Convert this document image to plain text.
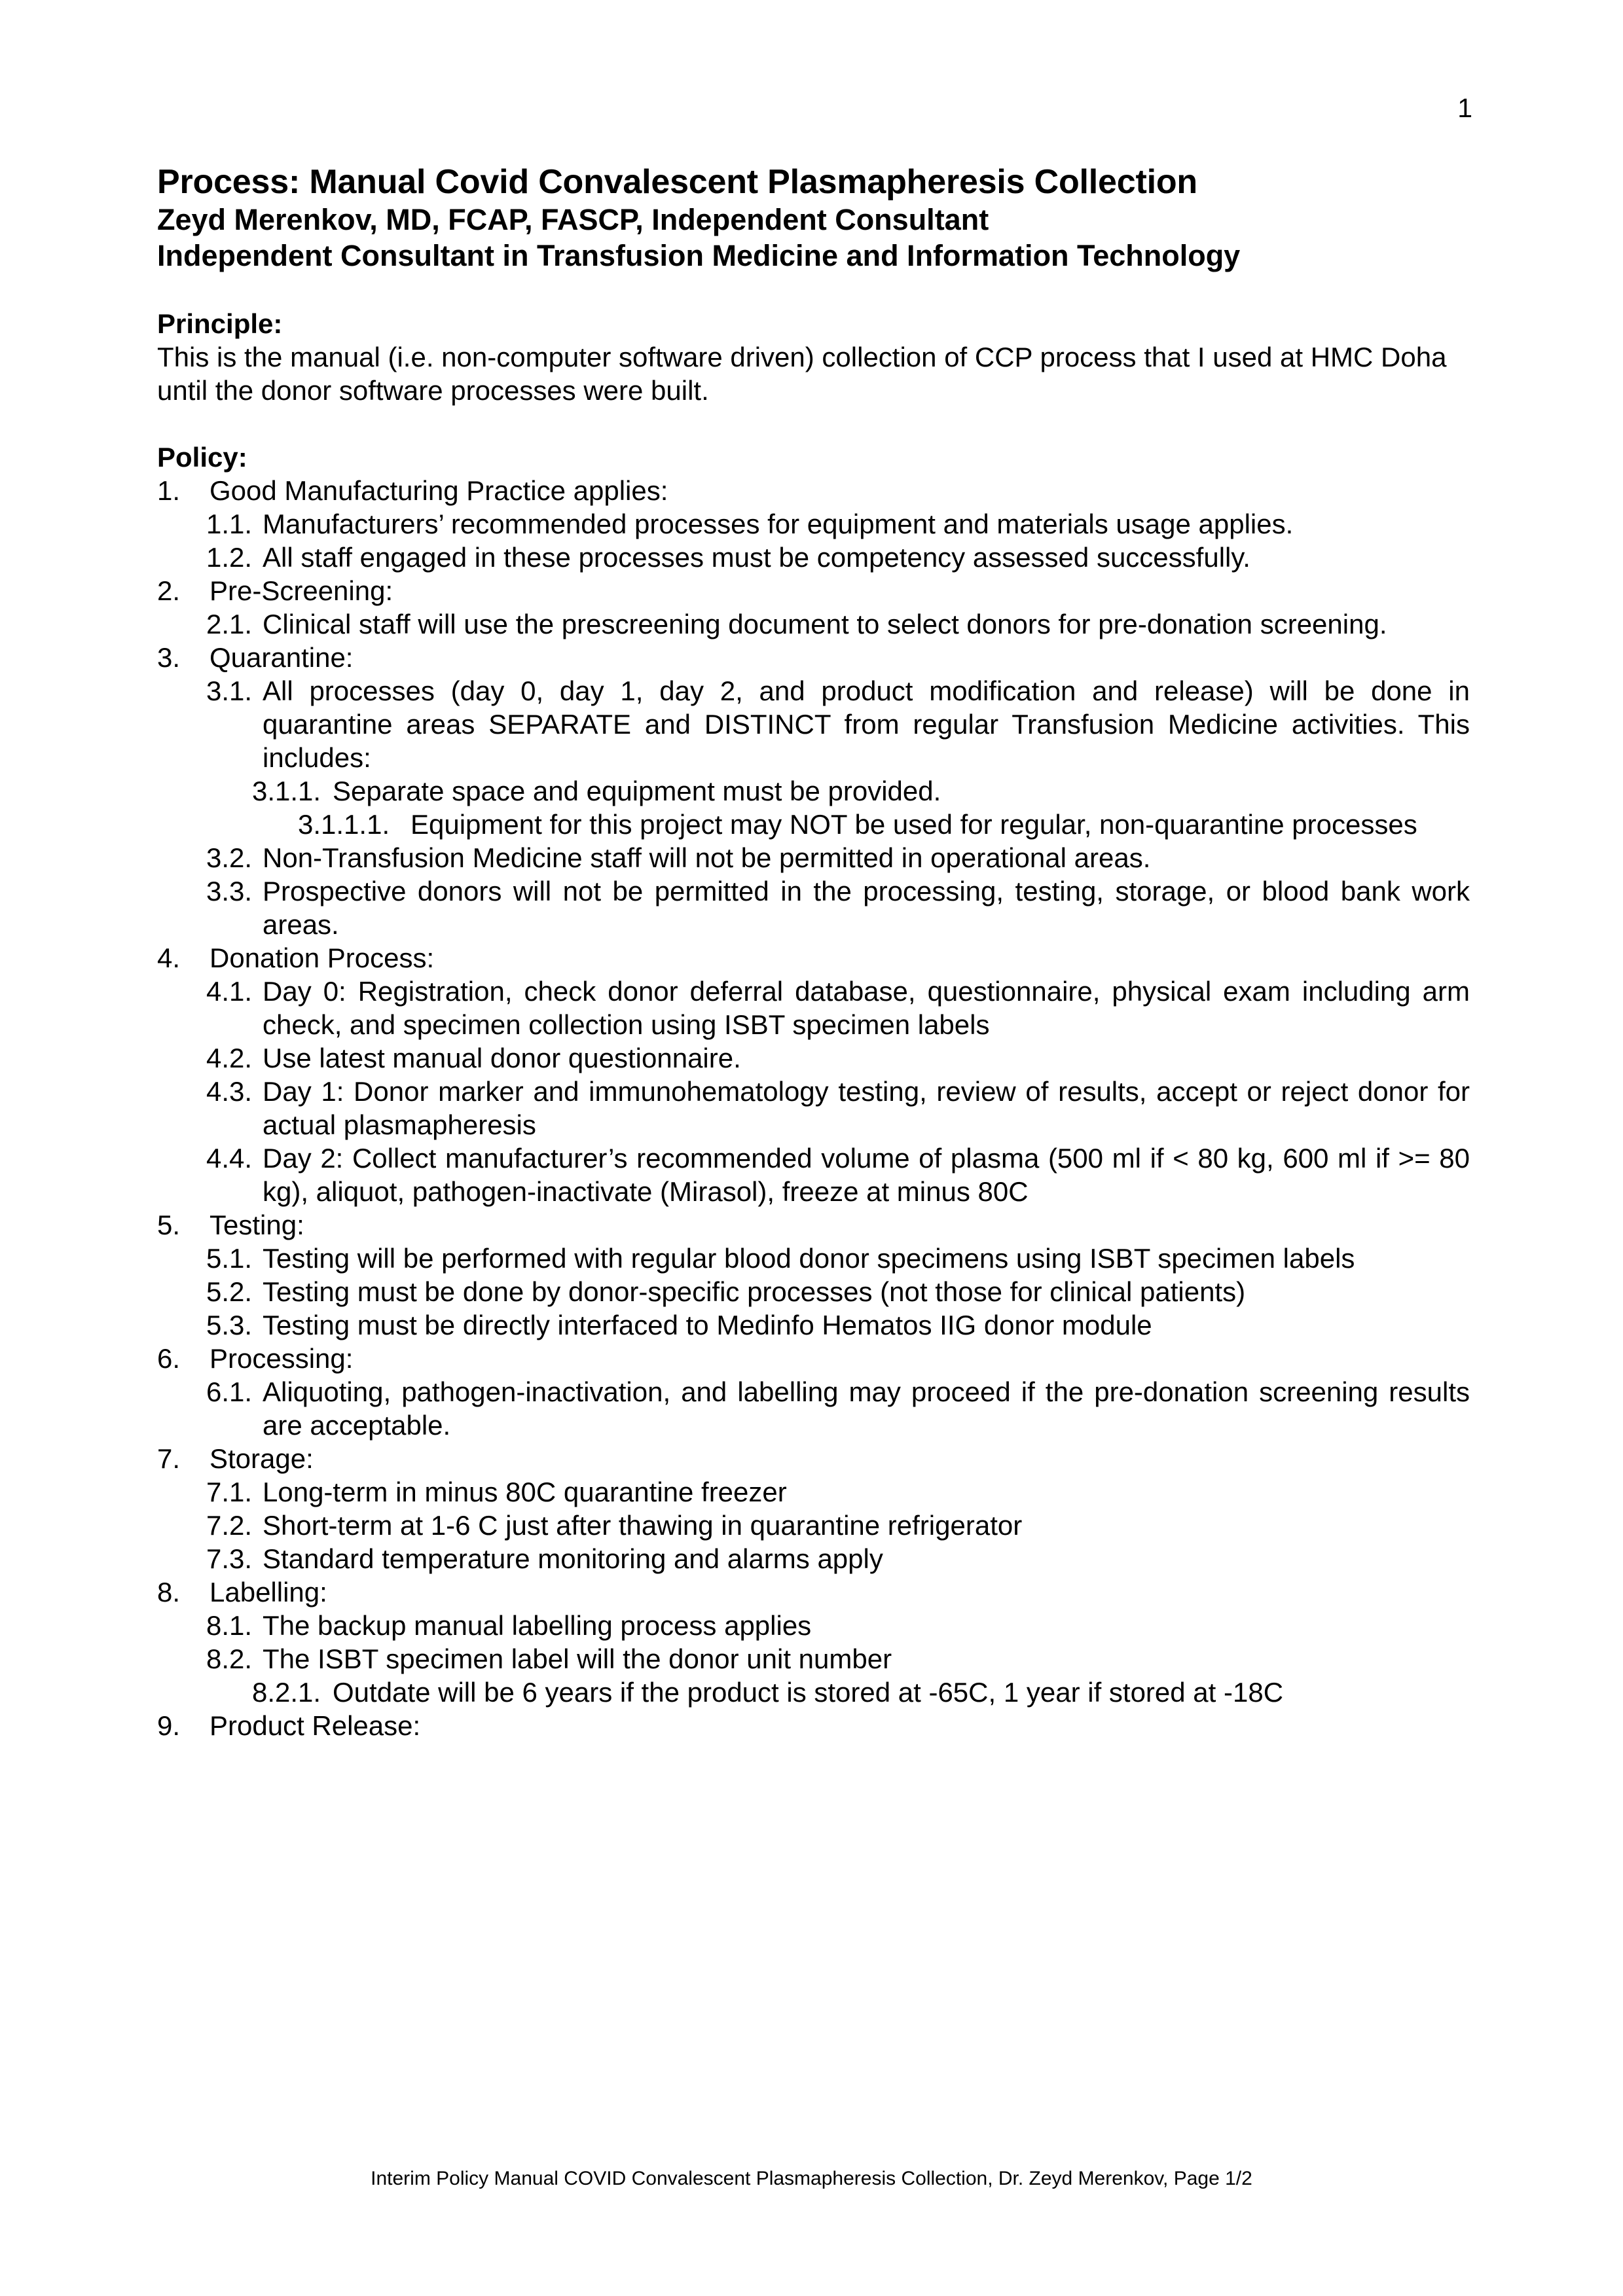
1
Process: Manual Covid Convalescent Plasmapheresis Collection
Zeyd Merenkov, MD, FCAP, FASCP, Independent Consultant
Independent Consultant in Transfusion Medicine and Information Technology
Principle:
This is the manual (i.e. non-computer software driven) collection of CCP process that I used at HMC Doha until the donor software processes were built.
Policy:
1.	Good Manufacturing Practice applies:
1.1. Manufacturers’ recommended processes for equipment and materials usage applies.
1.2. All staff engaged in these processes must be competency assessed successfully.
2.	Pre-Screening:
2.1. Clinical staff will use the prescreening document to select donors for pre-donation screening.
3.	Quarantine:
3.1. All processes (day 0, day 1, day 2, and product modification and release) will be done in quarantine areas SEPARATE and DISTINCT from regular Transfusion Medicine activities. This includes:
3.1.1. Separate space and equipment must be provided.
3.1.1.1. Equipment for this project may NOT be used for regular, non-quarantine processes
3.2. Non-Transfusion Medicine staff will not be permitted in operational areas.
3.3. Prospective donors will not be permitted in the processing, testing, storage, or blood bank work areas.
4.	Donation Process:
4.1. Day 0: Registration, check donor deferral database, questionnaire, physical exam including arm check, and specimen collection using ISBT specimen labels
4.2. Use latest manual donor questionnaire.
4.3. Day 1: Donor marker and immunohematology testing, review of results, accept or reject donor for actual plasmapheresis
4.4. Day 2: Collect manufacturer’s recommended volume of plasma (500 ml if < 80 kg, 600 ml if >= 80 kg), aliquot, pathogen-inactivate (Mirasol), freeze at minus 80C
5.	Testing:
5.1. Testing will be performed with regular blood donor specimens using ISBT specimen labels
5.2. Testing must be done by donor-specific processes (not those for clinical patients)
5.3. Testing must be directly interfaced to Medinfo Hematos IIG donor module
6.	Processing:
6.1. Aliquoting, pathogen-inactivation, and labelling may proceed if the pre-donation screening results are acceptable.
7.	Storage:
7.1. Long-term in minus 80C quarantine freezer
7.2. Short-term at 1-6 C just after thawing in quarantine refrigerator
7.3. Standard temperature monitoring and alarms apply
8.	Labelling:
8.1. The backup manual labelling process applies
8.2. The ISBT specimen label will the donor unit number
8.2.1. Outdate will be 6 years if the product is stored at -65C, 1 year if stored at -18C
9.	Product Release:
Interim Policy Manual COVID Convalescent Plasmapheresis Collection, Dr. Zeyd Merenkov, Page 1/2
